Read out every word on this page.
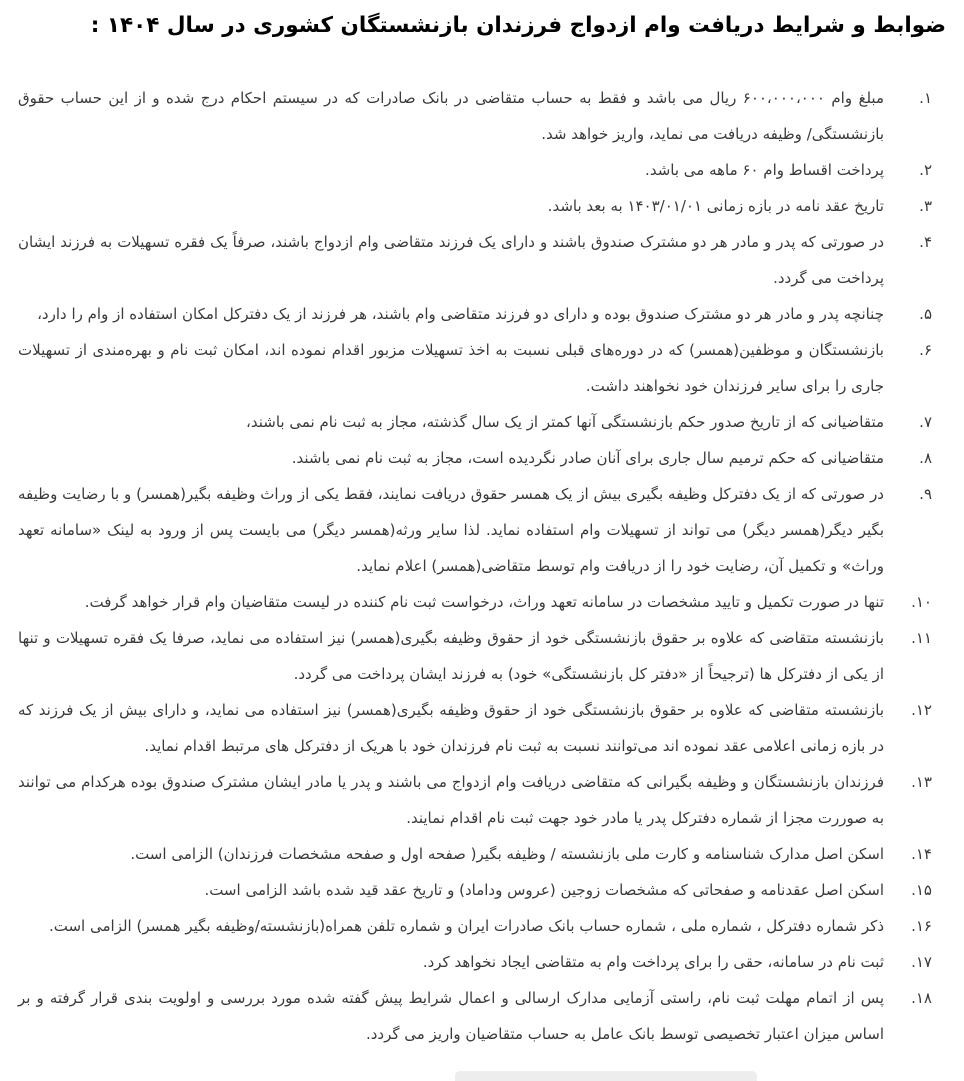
ضوابط و شرایط دریافت وام ازدواج فرزندان بازنشستگان کشوری در سال ۱۴۰۴ :
۱.
مبلغ وام ۶۰۰،۰۰۰،۰۰۰ ریال می باشد و فقط به حساب متقاضی در بانک صادرات که در سیستم احکام درج شده و از این حساب حقوق بازنشستگی/ وظیفه دریافت می نماید، واریز خواهد شد.
۲.
پرداخت اقساط وام ۶۰ ماهه می باشد.
۳.
تاریخ عقد نامه در بازه زمانی ۱۴۰۳/۰۱/۰۱ به بعد باشد.
۴.
در صورتی که پدر و مادر هر دو مشترک صندوق باشند و دارای یک فرزند متقاضی وام ازدواج باشند، صرفاً یک فقره تسهیلات به فرزند ایشان پرداخت می گردد.
۵.
چنانچه پدر و مادر هر دو مشترک صندوق بوده و دارای دو فرزند متقاضی وام باشند، هر فرزند از یک دفترکل امکان استفاده از وام را دارد،
۶.
بازنشستگان و موظفین(همسر) که در دوره‌های قبلی نسبت به اخذ تسهیلات مزبور اقدام نموده اند، امکان ثبت نام و بهره‌مندی از تسهیلات جاری را برای سایر فرزندان خود نخواهند داشت.
۷.
متقاضیانی که از تاریخ صدور حکم بازنشستگی آنها کمتر از یک سال گذشته، مجاز به ثبت نام نمی باشند،
۸.
متقاضیانی که حکم ترمیم سال جاری برای آنان صادر نگردیده است، مجاز به ثبت نام نمی باشند.
۹.
در صورتی که از یک دفترکل وظیفه بگیری بیش از یک همسر حقوق دریافت نمایند، فقط یکی از وراث وظیفه بگیر(همسر) و با رضایت وظیفه بگیر دیگر(همسر دیگر) می تواند از تسهیلات وام استفاده نماید. لذا سایر ورثه(همسر دیگر) می بایست پس از ورود به لینک «سامانه تعهد وراث» و تکمیل آن، رضایت خود را از دریافت وام توسط متقاضی(همسر) اعلام نماید.
۱۰.
تنها در صورت تکمیل و تایید مشخصات در سامانه تعهد وراث، درخواست ثبت نام کننده در لیست متقاضیان وام قرار خواهد گرفت.
۱۱.
بازنشسته متقاضی که علاوه بر حقوق بازنشستگی خود از حقوق وظیفه بگیری(همسر) نیز استفاده می نماید، صرفا یک فقره تسهیلات و تنها از یکی از دفترکل ها (ترجیحاً از «دفتر کل بازنشستگی» خود) به فرزند ایشان پرداخت می گردد.
۱۲.
بازنشسته متقاضی که علاوه بر حقوق بازنشستگی خود از حقوق وظیفه بگیری(همسر) نیز استفاده می نماید، و دارای بیش از یک فرزند که در بازه زمانی اعلامی عقد نموده اند می‌توانند نسبت به ثبت نام فرزندان خود با هریک از دفترکل های مرتبط اقدام نماید.
۱۳.
فرزندان بازنشستگان و وظیفه بگیرانی که متقاضی دریافت وام ازدواج می باشند و پدر یا مادر ایشان مشترک صندوق بوده هرکدام می توانند به صوررت مجزا از شماره دفترکل پدر یا مادر خود جهت ثبت نام اقدام نمایند.
۱۴.
اسکن اصل مدارک شناسنامه و کارت ملی بازنشسته / وظیفه بگیر( صفحه اول و صفحه مشخصات فرزندان) الزامی است.
۱۵.
اسکن اصل عقدنامه و صفحاتی که مشخصات زوجین (عروس وداماد) و تاریخ عقد قید شده باشد الزامی است.
۱۶.
ذکر شماره دفترکل ، شماره ملی ، شماره حساب بانک صادرات ایران و شماره تلفن همراه(بازنشسته/وظیفه بگیر همسر) الزامی است.
۱۷.
ثبت نام در سامانه، حقی را برای پرداخت وام به متقاضی ایجاد نخواهد کرد.
۱۸.
پس از اتمام مهلت ثبت نام، راستی آزمایی مدارک ارسالی و اعمال شرایط پیش گفته شده مورد بررسی و اولویت بندی قرار گرفته و بر اساس میزان اعتبار تخصیصی توسط بانک عامل به حساب متقاضیان واریز می گردد.
